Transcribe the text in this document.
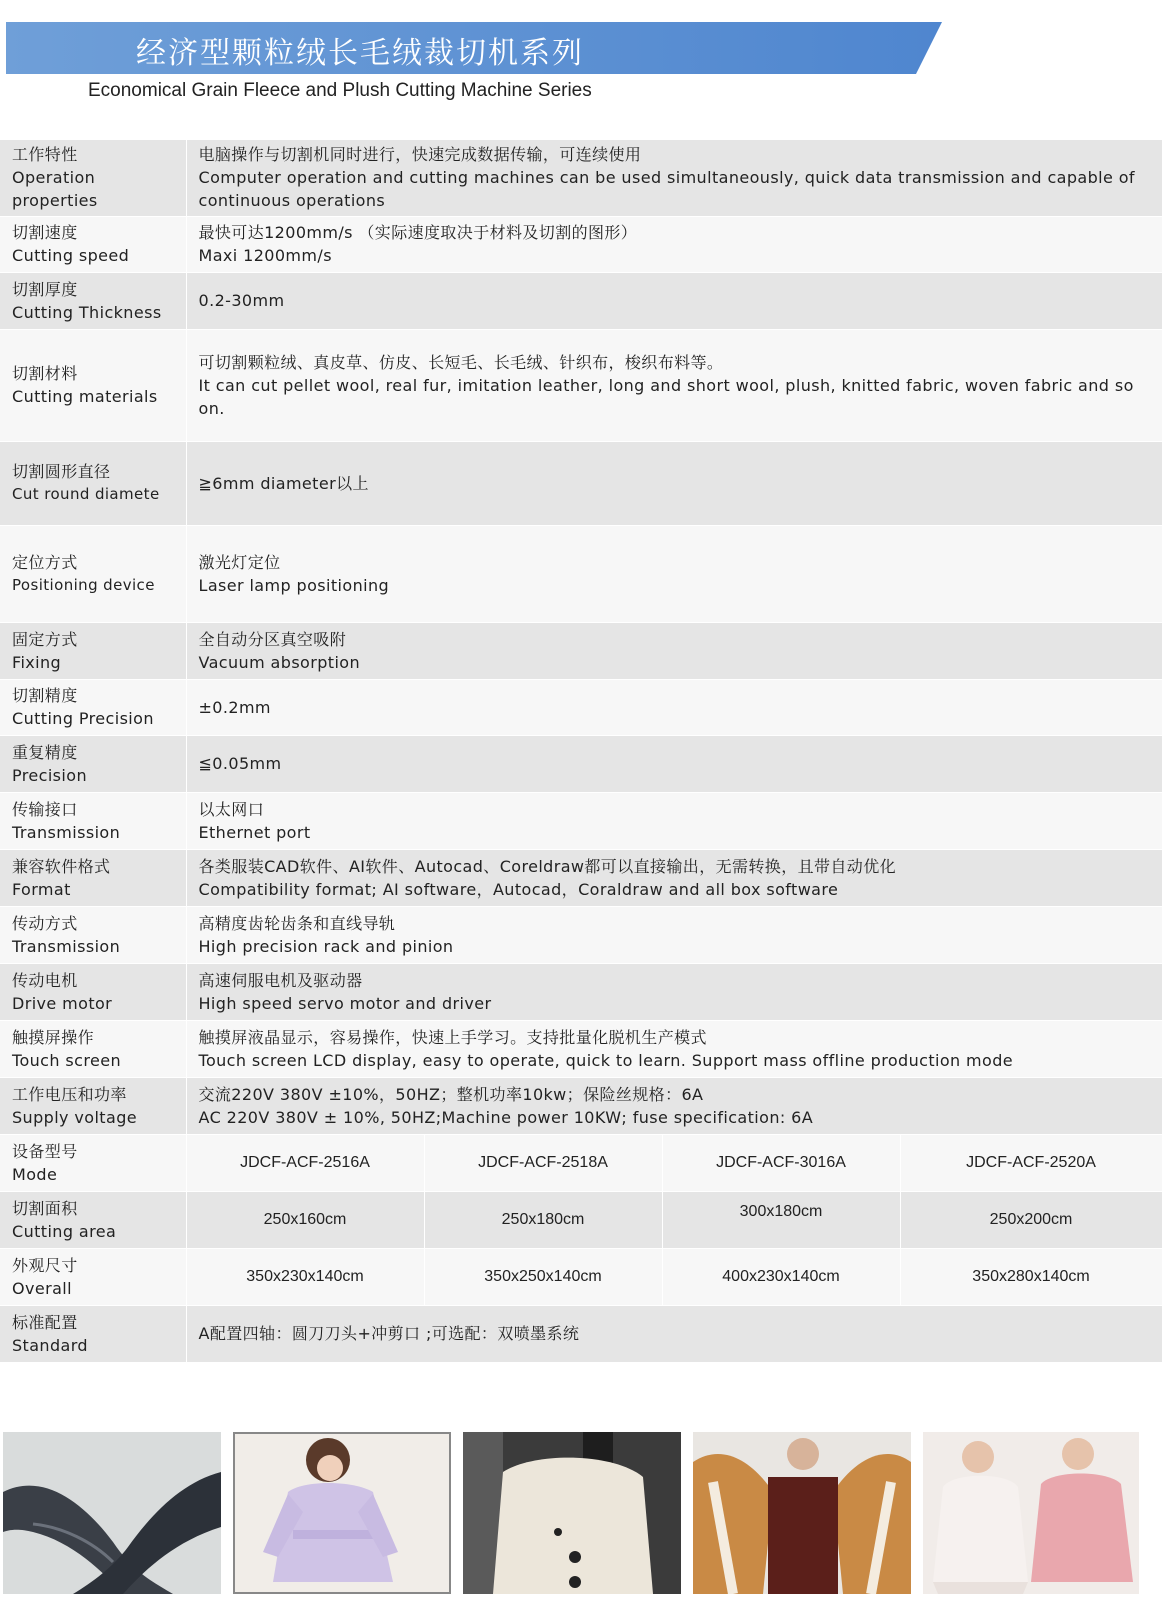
经济型颗粒绒长毛绒裁切机系列
Economical Grain Fleece and Plush Cutting Machine Series
工作特性
Operation properties	电脑操作与切割机同时进行，快速完成数据传输，可连续使用
Computer operation and cutting machines can be used simultaneously, quick data transmission and capable of continuous operations			

切割速度
Cutting speed	最快可达1200mm/s （实际速度取决于材料及切割的图形）
Maxi 1200mm/s			

切割厚度
Cutting Thickness	0.2-30mm			

切割材料
Cutting materials	可切割颗粒绒、真皮草、仿皮、长短毛、长毛绒、针织布，梭织布料等。
It can cut pellet wool, real fur, imitation leather, long and short wool, plush, knitted fabric, woven fabric and so on.			

切割圆形直径
Cut round diamete	≧6mm diameter以上			

定位方式
Positioning device	激光灯定位
Laser lamp positioning			

固定方式
Fixing	全自动分区真空吸附
Vacuum absorption			

切割精度
Cutting Precision	±0.2mm			

重复精度
Precision	≦0.05mm			

传输接口
Transmission	以太网口
Ethernet port			

兼容软件格式
Format	各类服装CAD软件、AI软件、Autocad、Coreldraw都可以直接输出，无需转换，且带自动优化
Compatibility format; AI software，Autocad，Coraldraw and all box software			

传动方式
Transmission	高精度齿轮齿条和直线导轨
High precision rack and pinion			

传动电机
Drive motor	高速伺服电机及驱动器
High speed servo motor and driver			

触摸屏操作
Touch screen	触摸屏液晶显示，容易操作，快速上手学习。支持批量化脱机生产模式
Touch screen LCD display, easy to operate, quick to learn. Support mass offline production mode			

工作电压和功率
Supply voltage	交流220V 380V ±10%，50HZ；整机功率10kw；保险丝规格：6A
AC 220V 380V ± 10%, 50HZ;Machine power 10KW; fuse specification: 6A			

设备型号
Mode	JDCF-ACF-2516A	JDCF-ACF-2518A	JDCF-ACF-3016A	JDCF-ACF-2520A

切割面积
Cutting area	250x160cm	250x180cm	300x180cm	250x200cm

外观尺寸
Overall	350x230x140cm	350x250x140cm	400x230x140cm	350x280x140cm

标准配置
Standard	A配置四轴：圆刀刀头+冲剪口 ;可选配：双喷墨系统			
